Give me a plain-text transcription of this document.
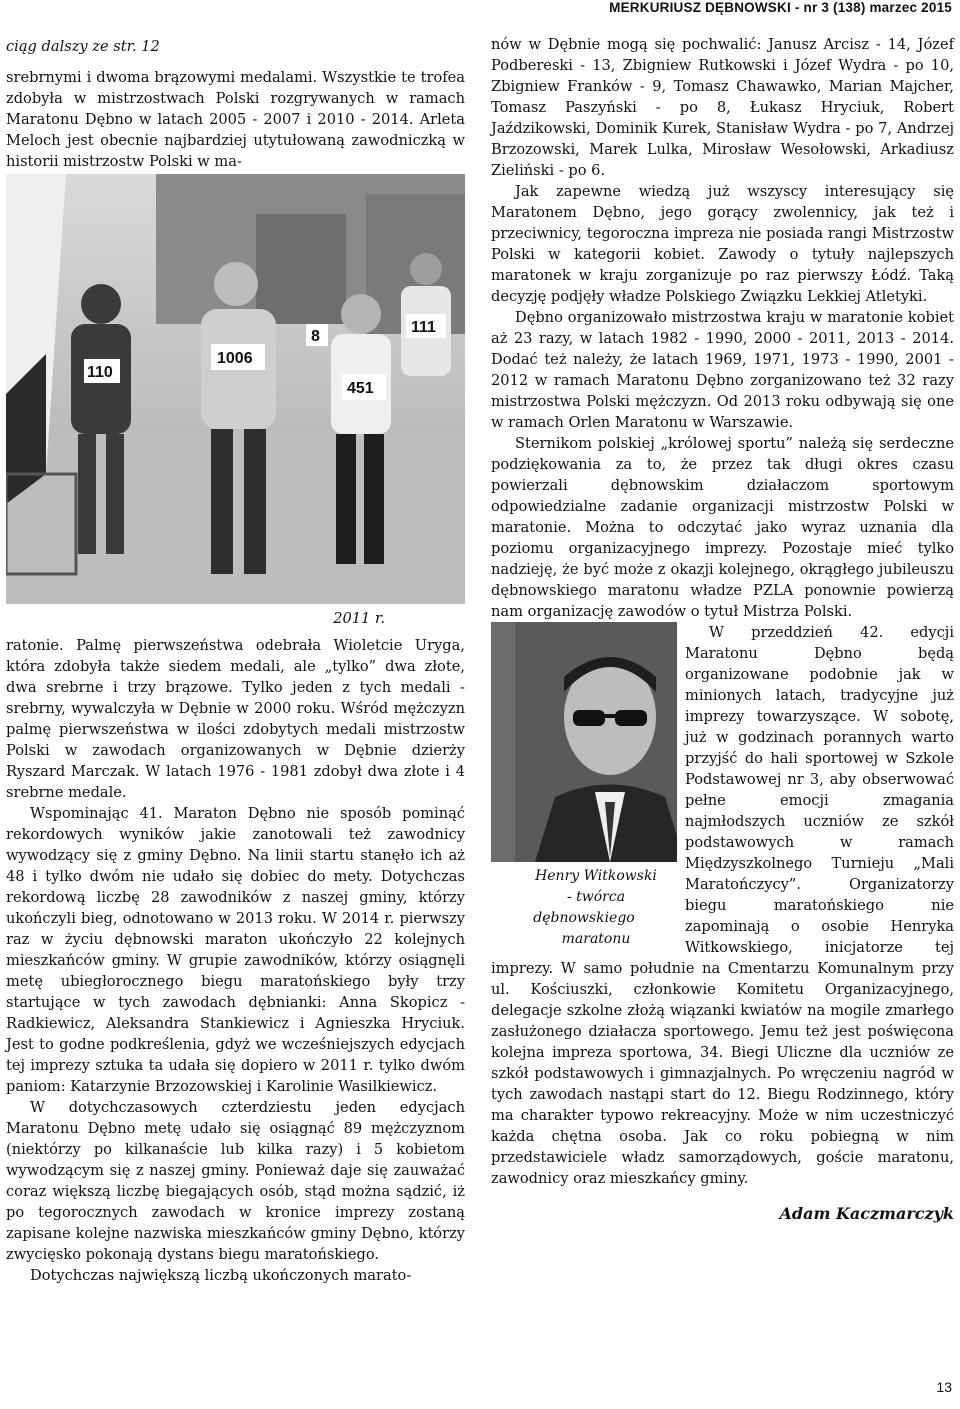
MERKURIUSZ DĘBNOWSKI - nr 3 (138) marzec 2015

ciąg dalszy ze str. 12

srebrnymi i dwoma brązowymi medalami. Wszystkie te trofea zdobyła w mistrzostwach Polski rozgrywanych w ramach Maratonu Dębno w latach 2005 - 2007 i 2010 - 2014. Arleta Meloch jest obecnie najbardziej utytułowaną zawodniczką w historii mistrzostw Polski w ma-

1006
111
451
110
8

2011 r.

ratonie. Palmę pierwszeństwa odebrała Wioletcie Uryga, która zdobyła także siedem medali, ale „tylko” dwa złote, dwa srebrne i trzy brązowe. Tylko jeden z tych medali - srebrny, wywalczyła w Dębnie w 2000 roku. Wśród mężczyzn palmę pierwszeństwa w ilości zdobytych medali mistrzostw Polski w zawodach organizowanych w Dębnie dzierży Ryszard Marczak. W latach 1976 - 1981 zdobył dwa złote i 4 srebrne medale.

Wspominając 41. Maraton Dębno nie sposób pominąć rekordowych wyników jakie zanotowali też zawodnicy wywodzący się z gminy Dębno. Na linii startu stanęło ich aż 48 i tylko dwóm nie udało się dobiec do mety. Dotychczas rekordową liczbę 28 zawodników z naszej gminy, którzy ukończyli bieg, odnotowano w 2013 roku. W 2014 r. pierwszy raz w życiu dębnowski maraton ukończyło 22 kolejnych mieszkańców gminy. W grupie zawodników, którzy osiągnęli metę ubiegłorocznego biegu maratońskiego były trzy startujące w tych zawodach dębnianki: Anna Skopicz - Radkiewicz, Aleksandra Stankiewicz i Agnieszka Hryciuk. Jest to godne podkreślenia, gdyż we wcześniejszych edycjach tej imprezy sztuka ta udała się dopiero w 2011 r. tylko dwóm paniom: Katarzynie Brzozowskiej i Karolinie Wasilkiewicz.

W dotychczasowych czterdziestu jeden edycjach Maratonu Dębno metę udało się osiągnąć 89 mężczyznom (niektórzy po kilkanaście lub kilka razy) i 5 kobietom wywodzącym się z naszej gminy. Ponieważ daje się zauważać coraz większą liczbę biegających osób, stąd można sądzić, iż po tegorocznych zawodach w kronice imprezy zostaną zapisane kolejne nazwiska mieszkańców gminy Dębno, którzy zwycięsko pokonają dystans biegu maratońskiego.

Dotychczas największą liczbą ukończonych marato-

nów w Dębnie mogą się pochwalić: Janusz Arcisz - 14, Józef Podbereski - 13, Zbigniew Rutkowski i Józef Wydra - po 10, Zbigniew Franków - 9, Tomasz Chawawko, Marian Majcher, Tomasz Paszyński - po 8, Łukasz Hryciuk, Robert Jaździkowski, Dominik Kurek, Stanisław Wydra - po 7, Andrzej Brzozowski, Marek Lulka, Mirosław Wesołowski, Arkadiusz Zieliński - po 6.

Jak zapewne wiedzą już wszyscy interesujący się Maratonem Dębno, jego gorący zwolennicy, jak też i przeciwnicy, tegoroczna impreza nie posiada rangi Mistrzostw Polski w kategorii kobiet. Zawody o tytuły najlepszych maratonek w kraju zorganizuje po raz pierwszy Łódź. Taką decyzję podjęły władze Polskiego Związku Lekkiej Atletyki.

Dębno organizowało mistrzostwa kraju w maratonie kobiet aż 23 razy, w latach 1982 - 1990, 2000 - 2011, 2013 - 2014. Dodać też należy, że latach 1969, 1971, 1973 - 1990, 2001 - 2012 w ramach Maratonu Dębno zorganizowano też 32 razy mistrzostwa Polski mężczyzn. Od 2013 roku odbywają się one w ramach Orlen Maratonu w Warszawie.

Sternikom polskiej „królowej sportu” należą się serdeczne podziękowania za to, że przez tak długi okres czasu powierzali dębnowskim działaczom sportowym odpowiedzialne zadanie organizacji mistrzostw Polski w maratonie. Można to odczytać jako wyraz uznania dla poziomu organizacyjnego imprezy. Pozostaje mieć tylko nadzieję, że być może z okazji kolejnego, okrągłego jubileuszu dębnowskiego maratonu władze PZLA ponownie powierzą nam organizację zawodów o tytuł Mistrza Polski.

Henry Witkowski
- twórca dębnowskiego
maratonu
W przeddzień 42. edycji Maratonu Dębno będą organizowane podobnie jak w minionych latach, tradycyjne już imprezy towarzyszące. W sobotę, już w godzinach porannych warto przyjść do hali sportowej w Szkole Podstawowej nr 3, aby obserwować pełne emocji zmagania najmłodszych uczniów ze szkół podstawowych w ramach Międzyszkolnego Turnieju „Mali Maratończycy”. Organizatorzy biegu maratońskiego nie zapominają o osobie Henryka Witkowskiego, inicjatorze tej imprezy. W samo południe na Cmentarzu Komunalnym przy ul. Kościuszki, członkowie Komitetu Organizacyjnego, delegacje szkolne złożą wiązanki kwiatów na mogile zmarłego zasłużonego działacza sportowego. Jemu też jest poświęcona kolejna impreza sportowa, 34. Biegi Uliczne dla uczniów ze szkół podstawowych i gimnazjalnych. Po wręczeniu nagród w tych zawodach nastąpi start do 12. Biegu Rodzinnego, który ma charakter typowo rekreacyjny. Może w nim uczestniczyć każda chętna osoba. Jak co roku pobiegną w nim przedstawiciele władz samorządowych, goście maratonu, zawodnicy oraz mieszkańcy gminy.

Adam Kaczmarczyk

13
